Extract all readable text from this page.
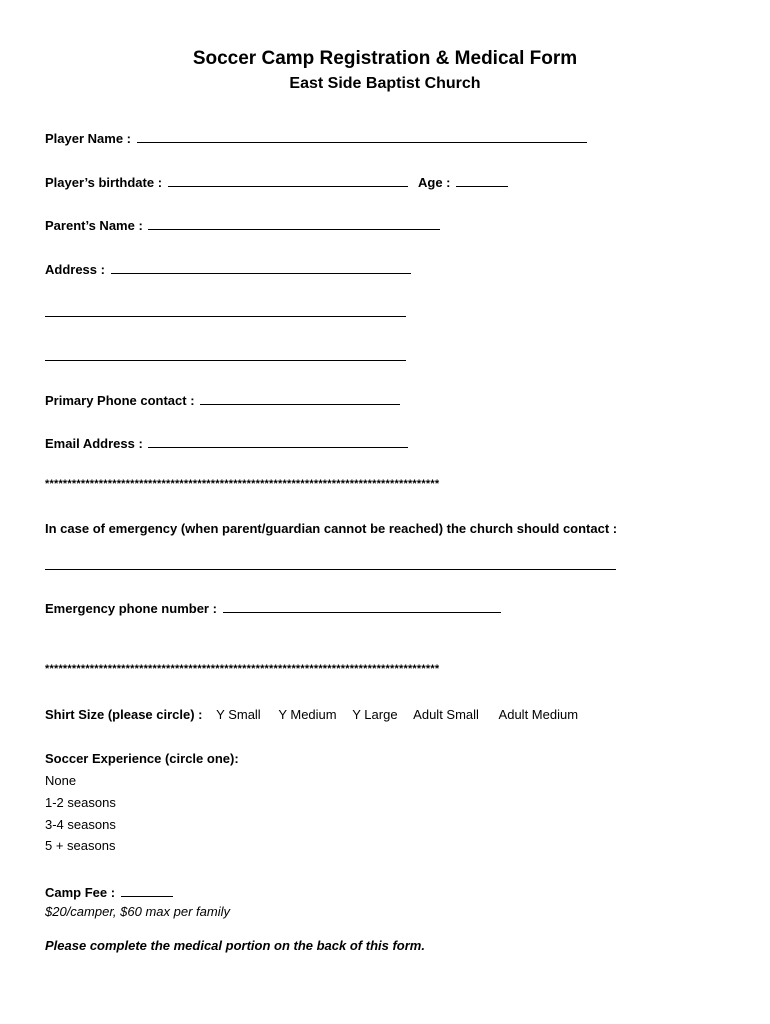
Soccer Camp Registration & Medical Form
East Side Baptist Church
Player Name :
Player’s birthdate :	Age :
Parent’s Name :
Address :
Primary Phone contact :
Email Address :
****************************************************************************************
In case of emergency (when parent/guardian cannot be reached) the church should contact :
Emergency phone number :
****************************************************************************************
Shirt Size (please circle) : Y Small Y Medium Y Large Adult Small Adult Medium
Soccer Experience (circle one):
None
1-2 seasons
3-4 seasons
5 + seasons
Camp Fee :
$20/camper, $60 max per family
Please complete the medical portion on the back of this form.
